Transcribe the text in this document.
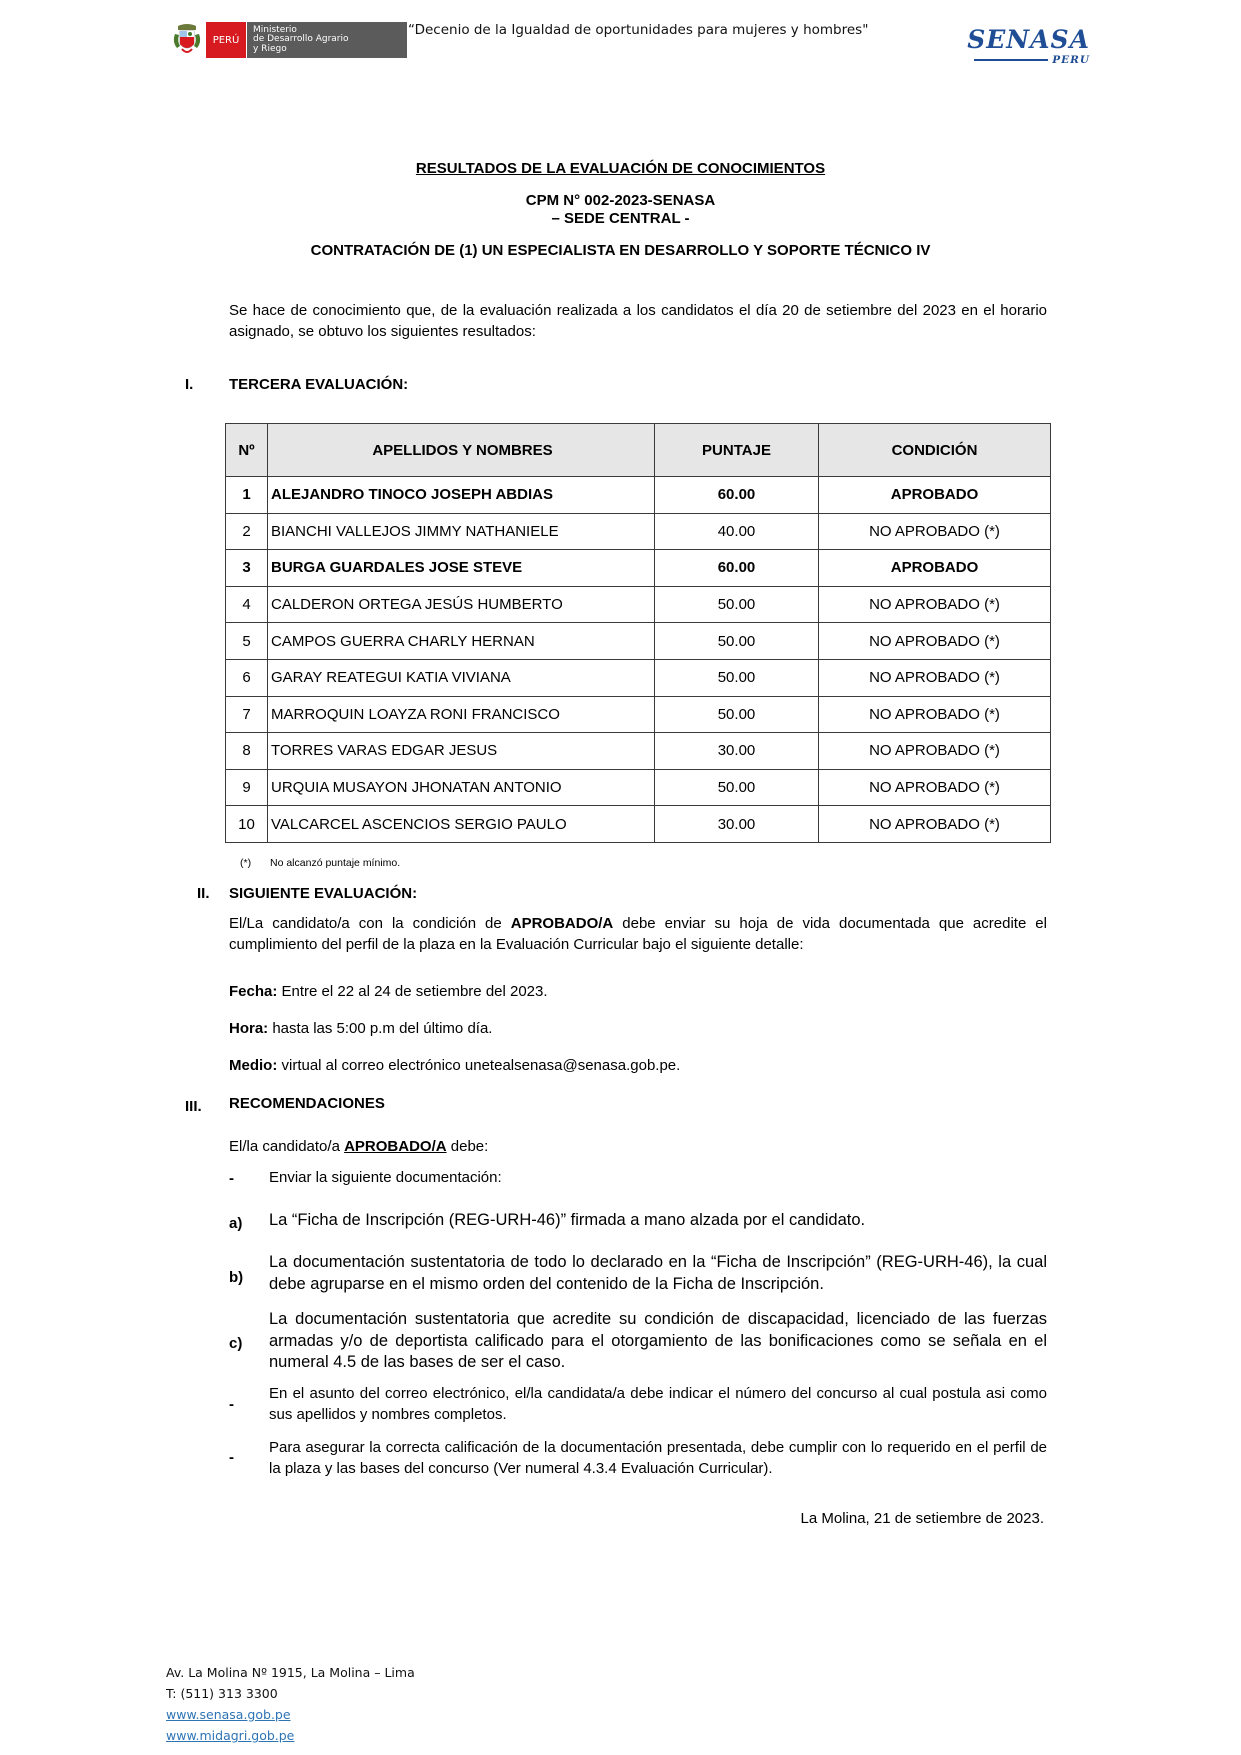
PERÚ
Ministerio
de Desarrollo Agrario
y Riego
“Decenio de la Igualdad de oportunidades para mujeres y hombres"	SENASA
PERU
RESULTADOS DE LA EVALUACIÓN DE CONOCIMIENTOS
CPM N° 002-2023-SENASA
– SEDE CENTRAL -
CONTRATACIÓN DE (1) UN ESPECIALISTA EN DESARROLLO Y SOPORTE TÉCNICO IV
Se hace de conocimiento que, de la evaluación realizada a los candidatos el día 20 de setiembre del 2023 en el horario asignado, se obtuvo los siguientes resultados:
I. TERCERA EVALUACIÓN:
Nº	APELLIDOS Y NOMBRES	PUNTAJE	CONDICIÓN
1	ALEJANDRO TINOCO JOSEPH ABDIAS	60.00	APROBADO
2	BIANCHI VALLEJOS JIMMY NATHANIELE	40.00	NO APROBADO (*)
3	BURGA GUARDALES JOSE STEVE	60.00	APROBADO
4	CALDERON ORTEGA JESÚS HUMBERTO	50.00	NO APROBADO (*)
5	CAMPOS GUERRA CHARLY HERNAN	50.00	NO APROBADO (*)
6	GARAY REATEGUI KATIA VIVIANA	50.00	NO APROBADO (*)
7	MARROQUIN LOAYZA RONI FRANCISCO	50.00	NO APROBADO (*)
8	TORRES VARAS EDGAR JESUS	30.00	NO APROBADO (*)
9	URQUIA MUSAYON JHONATAN ANTONIO	50.00	NO APROBADO (*)
10	VALCARCEL ASCENCIOS SERGIO PAULO	30.00	NO APROBADO (*)
(*) No alcanzó puntaje mínimo.
II. SIGUIENTE EVALUACIÓN:
El/La candidato/a con la condición de APROBADO/A debe enviar su hoja de vida documentada que acredite el cumplimiento del perfil de la plaza en la Evaluación Curricular bajo el siguiente detalle:
Fecha: Entre el 22 al 24 de setiembre del 2023.
Hora: hasta las 5:00 p.m del último día.
Medio: virtual al correo electrónico unetealsenasa@senasa.gob.pe.
III. RECOMENDACIONES
El/la candidato/a APROBADO/A debe:
- Enviar la siguiente documentación:
a) La “Ficha de Inscripción (REG-URH-46)” firmada a mano alzada por el candidato.
b)
La documentación sustentatoria de todo lo declarado en la “Ficha de Inscripción” (REG-URH-46), la cual debe agruparse en el mismo orden del contenido de la Ficha de Inscripción.
c)
La documentación sustentatoria que acredite su condición de discapacidad, licenciado de las fuerzas armadas y/o de deportista calificado para el otorgamiento de las bonificaciones como se señala en el numeral 4.5 de las bases de ser el caso.
-
En el asunto del correo electrónico, el/la candidata/a debe indicar el número del concurso al cual postula asi como sus apellidos y nombres completos.
-
Para asegurar la correcta calificación de la documentación presentada, debe cumplir con lo requerido en el perfil de la plaza y las bases del concurso (Ver numeral 4.3.4 Evaluación Curricular).
La Molina, 21 de setiembre de 2023.
Av. La Molina Nº 1915, La Molina – Lima
T: (511) 313 3300
www.senasa.gob.pe
www.midagri.gob.pe
